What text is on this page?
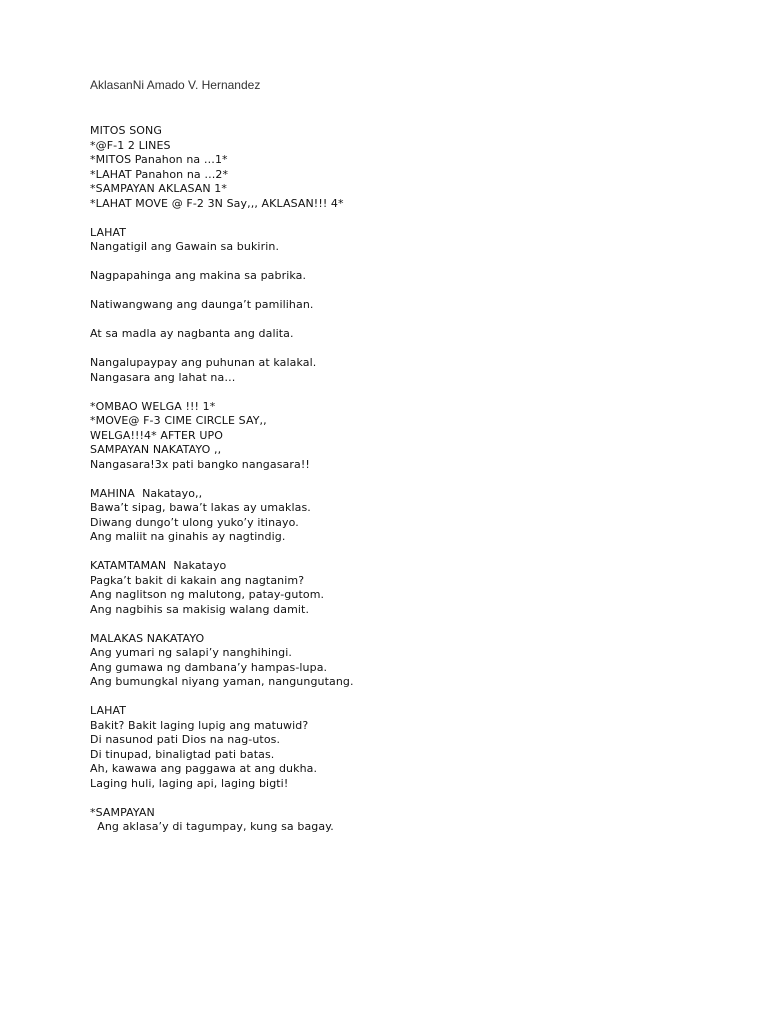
AklasanNi Amado V. Hernandez
MITOS SONG
*@F-1 2 LINES
*MITOS Panahon na …1*
*LAHAT Panahon na …2*
*SAMPAYAN AKLASAN 1*
*LAHAT MOVE @ F-2 3N Say,,, AKLASAN!!! 4*
LAHAT
Nangatigil ang Gawain sa bukirin.
Nagpapahinga ang makina sa pabrika.
Natiwangwang ang daunga’t pamilihan.
At sa madla ay nagbanta ang dalita.
Nangalupaypay ang puhunan at kalakal.
Nangasara ang lahat na…
*OMBAO WELGA !!! 1*
*MOVE@ F-3 CIME CIRCLE SAY,,
WELGA!!!4* AFTER UPO
SAMPAYAN NAKATAYO ,,
Nangasara!3x pati bangko nangasara!!
MAHINA  Nakatayo,,
Bawa’t sipag, bawa’t lakas ay umaklas.
Diwang dungo’t ulong yuko’y itinayo.
Ang maliit na ginahis ay nagtindig.
KATAMTAMAN  Nakatayo
Pagka’t bakit di kakain ang nagtanim?
Ang naglitson ng malutong, patay-gutom.
Ang nagbihis sa makisig walang damit.
MALAKAS NAKATAYO
Ang yumari ng salapi’y nanghihingi.
Ang gumawa ng dambana’y hampas-lupa.
Ang bumungkal niyang yaman, nangungutang.
LAHAT
Bakit? Bakit laging lupig ang matuwid?
Di nasunod pati Dios na nag-utos.
Di tinupad, binaligtad pati batas.
Ah, kawawa ang paggawa at ang dukha.
Laging huli, laging api, laging bigti!
*SAMPAYAN
Ang aklasa’y di tagumpay, kung sa bagay.
